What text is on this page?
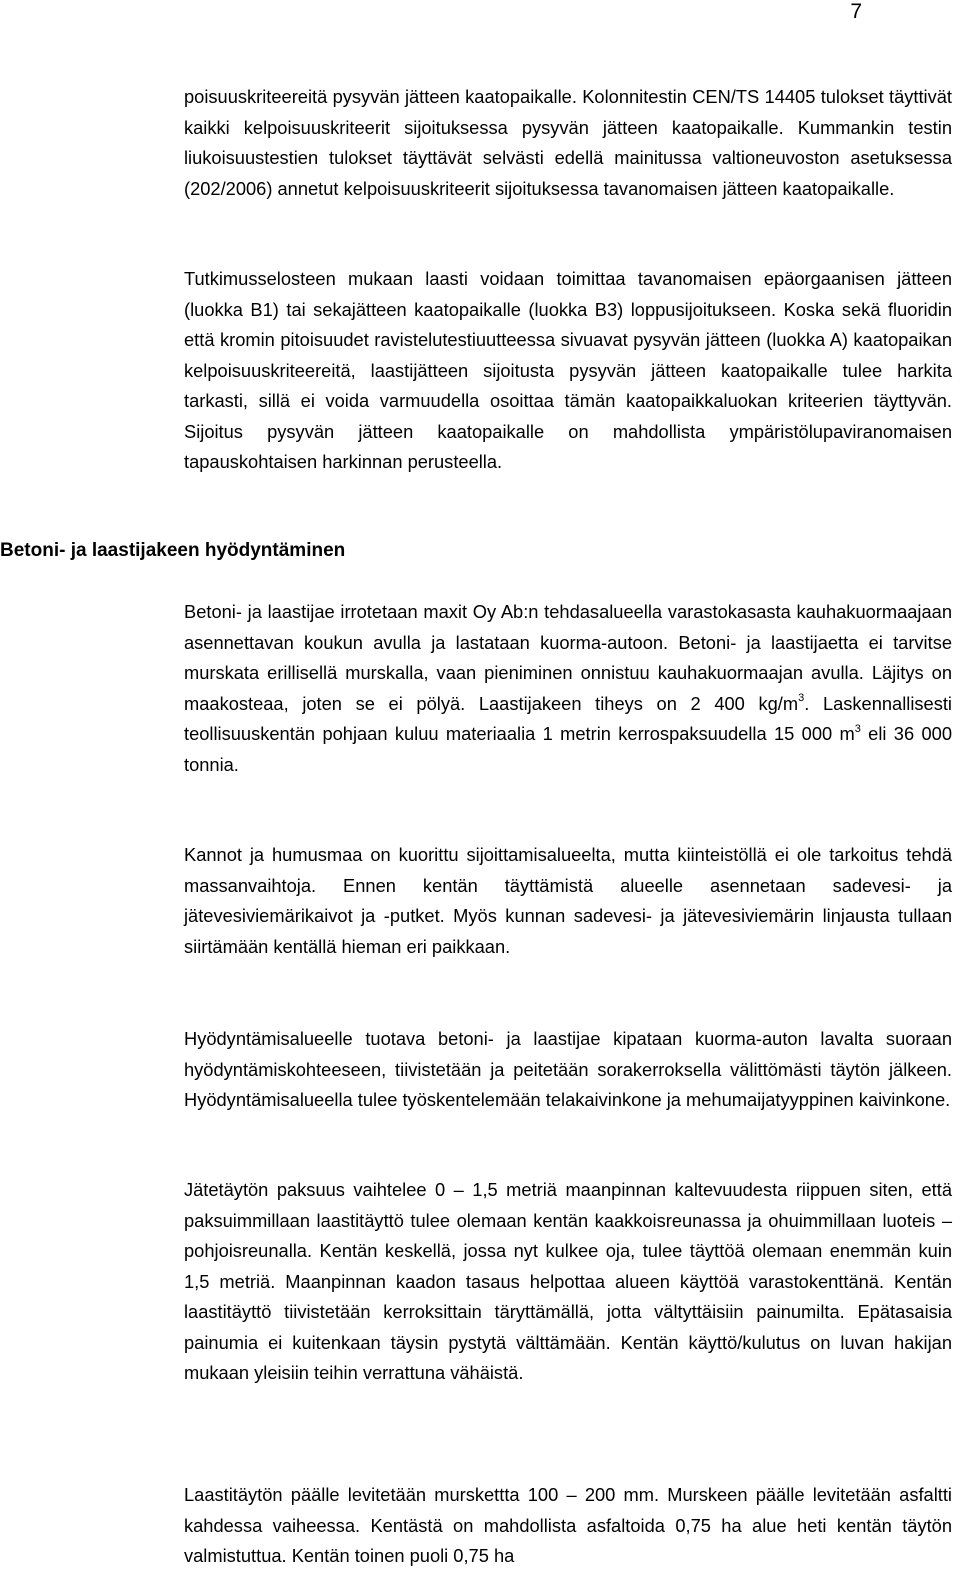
7

poisuuskriteereitä pysyvän jätteen kaatopaikalle. Kolonnitestin CEN/TS 14405 tulokset täyttivät kaikki kelpoisuuskriteerit sijoituksessa pysyvän jätteen kaatopaikalle. Kummankin testin liukoisuustestien tulokset täyttävät selvästi edellä mainitussa valtioneuvoston asetuksessa (202/2006) annetut kelpoisuuskriteerit sijoituksessa tavanomaisen jätteen kaatopaikalle.

Tutkimusselosteen mukaan laasti voidaan toimittaa tavanomaisen epäorgaanisen jätteen (luokka B1) tai sekajätteen kaatopaikalle (luokka B3) loppusijoitukseen. Koska sekä fluoridin että kromin pitoisuudet ravistelutestiuutteessa sivuavat pysyvän jätteen (luokka A) kaatopaikan kelpoisuuskriteereitä, laastijätteen sijoitusta pysyvän jätteen kaatopaikalle tulee harkita tarkasti, sillä ei voida varmuudella osoittaa tämän kaatopaikkaluokan kriteerien täyttyvän. Sijoitus pysyvän jätteen kaatopaikalle on mahdollista ympäristölupaviranomaisen tapauskohtaisen harkinnan perusteella.

Betoni- ja laastijakeen hyödyntäminen

Betoni- ja laastijae irrotetaan maxit Oy Ab:n tehdasalueella varastokasasta kauhakuormaajaan asennettavan koukun avulla ja lastataan kuorma-autoon. Betoni- ja laastijaetta ei tarvitse murskata erillisellä murskalla, vaan pieniminen onnistuu kauhakuormaajan avulla. Läjitys on maakosteaa, joten se ei pölyä. Laastijakeen tiheys on 2 400 $kg/m^3$. Laskennallisesti teollisuuskentän pohjaan kuluu materiaalia 1 metrin kerrospaksuudella 15 000 $m^3$ eli 36 000 tonnia.

Kannot ja humusmaa on kuorittu sijoittamisalueelta, mutta kiinteistöllä ei ole tarkoitus tehdä massanvaihtoja. Ennen kentän täyttämistä alueelle asennetaan sadevesi- ja jätevesiviemärikaivot ja -putket. Myös kunnan sadevesi- ja jätevesiviemärin linjausta tullaan siirtämään kentällä hieman eri paikkaan.

Hyödyntämisalueelle tuotava betoni- ja laastijae kipataan kuorma-auton lavalta suoraan hyödyntämiskohteeseen, tiivistetään ja peitetään sorakerroksella välittömästi täytön jälkeen. Hyödyntämisalueella tulee työskentelemään telakaivinkone ja mehumaijatyyppinen kaivinkone.

Jätetäytön paksuus vaihtelee 0 – 1,5 metriä maanpinnan kaltevuudesta riippuen siten, että paksuimmillaan laastitäyttö tulee olemaan kentän kaakkoisreunassa ja ohuimmillaan luoteis – pohjoisreunalla. Kentän keskellä, jossa nyt kulkee oja, tulee täyttöä olemaan enemmän kuin 1,5 metriä. Maanpinnan kaadon tasaus helpottaa alueen käyttöä varastokenttänä. Kentän laastitäyttö tiivistetään kerroksittain täryttämällä, jotta vältyttäisiin painumilta. Epätasaisia painumia ei kuitenkaan täysin pystytä välttämään. Kentän käyttö/kulutus on luvan hakijan mukaan yleisiin teihin verrattuna vähäistä.

Laastitäytön päälle levitetään murskettta 100 – 200 mm. Murskeen päälle levitetään asfaltti kahdessa vaiheessa. Kentästä on mahdollista asfaltoida 0,75 ha alue heti kentän täytön valmistuttua. Kentän toinen puoli 0,75 ha
